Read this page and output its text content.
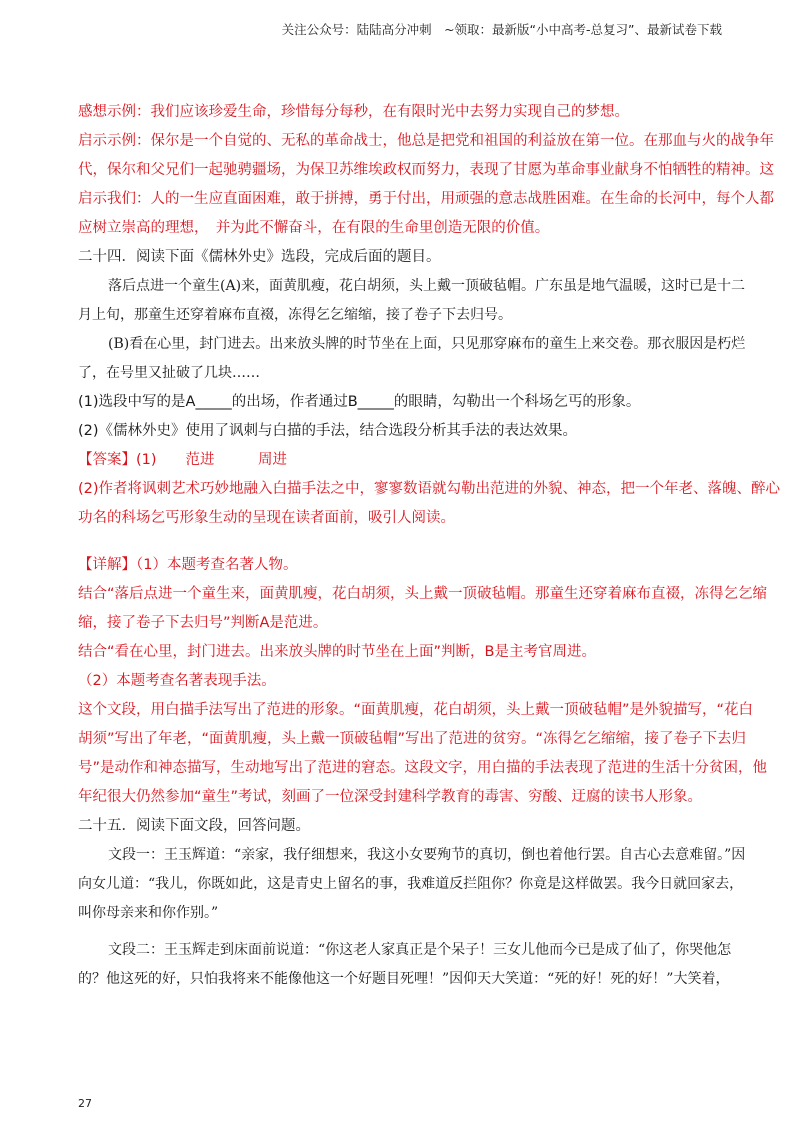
关注公众号：陆陆高分冲刺　~领取：最新版“小中高考-总复习”、最新试卷下载
感想示例：我们应该珍爱生命，珍惜每分每秒，在有限时光中去努力实现自己的梦想。
启示示例：保尔是一个自觉的、无私的革命战士，他总是把党和祖国的利益放在第一位。在那血与火的战争年
代，保尔和父兄们一起驰骋疆场，为保卫苏维埃政权而努力，表现了甘愿为革命事业献身不怕牺牲的精神。这
启示我们：人的一生应直面困难，敢于拼搏，勇于付出，用顽强的意志战胜困难。在生命的长河中，每个人都
应树立崇高的理想，　并为此不懈奋斗，在有限的生命里创造无限的价值。
二十四．阅读下面《儒林外史》选段，完成后面的题目。
落后点进一个童生(A)来，面黄肌瘦，花白胡须，头上戴一顶破毡帽。广东虽是地气温暖，这时已是十二
月上旬，那童生还穿着麻布直裰，冻得乞乞缩缩，接了卷子下去归号。
(B)看在心里，封门进去。出来放头牌的时节坐在上面，只见那穿麻布的童生上来交卷。那衣服因是朽烂
了，在号里又扯破了几块……
(1)选段中写的是A_____的出场，作者通过B_____的眼睛，勾勒出一个科场乞丐的形象。
(2)《儒林外史》使用了讽刺与白描的手法，结合选段分析其手法的表达效果。
【答案】(1)　　范进　　　周进
(2)作者将讽刺艺术巧妙地融入白描手法之中，寥寥数语就勾勒出范进的外貌、神态，把一个年老、落魄、醉心
功名的科场乞丐形象生动的呈现在读者面前，吸引人阅读。
【详解】（1）本题考查名著人物。
结合“落后点进一个童生来，面黄肌瘦，花白胡须，头上戴一顶破毡帽。那童生还穿着麻布直裰，冻得乞乞缩
缩，接了卷子下去归号”判断A是范进。
结合“看在心里，封门进去。出来放头牌的时节坐在上面”判断，B是主考官周进。
（2）本题考查名著表现手法。
这个文段，用白描手法写出了范进的形象。“面黄肌瘦，花白胡须，头上戴一顶破毡帽”是外貌描写，“花白
胡须”写出了年老，“面黄肌瘦，头上戴一顶破毡帽”写出了范进的贫穷。“冻得乞乞缩缩，接了卷子下去归
号”是动作和神态描写，生动地写出了范进的窘态。这段文字，用白描的手法表现了范进的生活十分贫困，他
年纪很大仍然参加“童生”考试，刻画了一位深受封建科学教育的毒害、穷酸、迂腐的读书人形象。
二十五．阅读下面文段，回答问题。
文段一：王玉辉道：“亲家，我仔细想来，我这小女要殉节的真切，倒也着他行罢。自古心去意难留。”因
向女儿道：“我儿，你既如此，这是青史上留名的事，我难道反拦阻你？你竟是这样做罢。我今日就回家去，
叫你母亲来和你作别。”
文段二：王玉辉走到床面前说道：“你这老人家真正是个呆子！三女儿他而今已是成了仙了，你哭他怎
的？他这死的好，只怕我将来不能像他这一个好题目死哩！”因仰天大笑道：“死的好！死的好！”大笑着，
27
